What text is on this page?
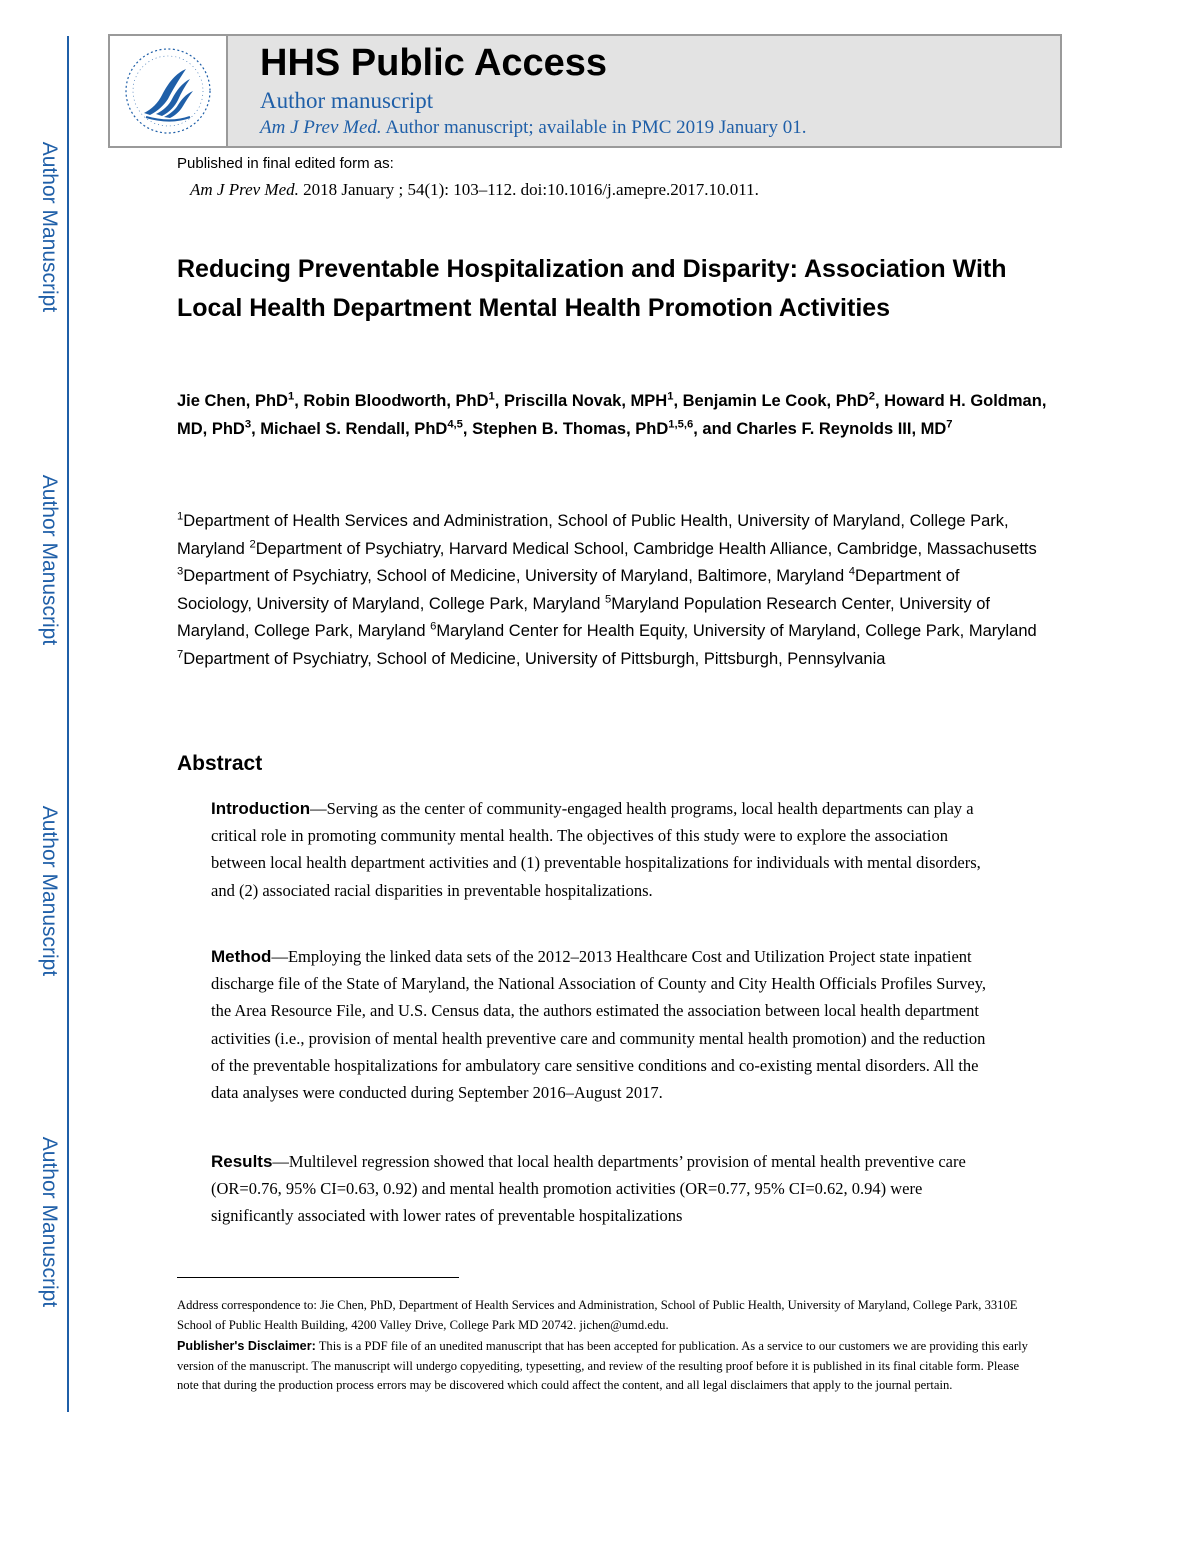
Author Manuscript
Author Manuscript
Author Manuscript
Author Manuscript
HHS Public Access
Author manuscript
Am J Prev Med. Author manuscript; available in PMC 2019 January 01.
Published in final edited form as:
Am J Prev Med. 2018 January ; 54(1): 103–112. doi:10.1016/j.amepre.2017.10.011.
Reducing Preventable Hospitalization and Disparity: Association With Local Health Department Mental Health Promotion Activities
Jie Chen, PhD$^1$, Robin Bloodworth, PhD$^1$, Priscilla Novak, MPH$^1$, Benjamin Le Cook, PhD$^2$, Howard H. Goldman, MD, PhD$^3$, Michael S. Rendall, PhD$^{4,5}$, Stephen B. Thomas, PhD$^{1,5,6}$, and Charles F. Reynolds III, $MD^7$
$^1$Department of Health Services and Administration, School of Public Health, University of Maryland, College Park, Maryland $^2$Department of Psychiatry, Harvard Medical School, Cambridge Health Alliance, Cambridge, Massachusetts $^3$Department of Psychiatry, School of Medicine, University of Maryland, Baltimore, Maryland $^4$Department of Sociology, University of Maryland, College Park, Maryland $^5$Maryland Population Research Center, University of Maryland, College Park, Maryland $^6$Maryland Center for Health Equity, University of Maryland, College Park, Maryland $^7$Department of Psychiatry, School of Medicine, University of Pittsburgh, Pittsburgh, Pennsylvania
Abstract
Introduction—Serving as the center of community-engaged health programs, local health departments can play a critical role in promoting community mental health. The objectives of this study were to explore the association between local health department activities and (1) preventable hospitalizations for individuals with mental disorders, and (2) associated racial disparities in preventable hospitalizations.
Method—Employing the linked data sets of the 2012–2013 Healthcare Cost and Utilization Project state inpatient discharge file of the State of Maryland, the National Association of County and City Health Officials Profiles Survey, the Area Resource File, and U.S. Census data, the authors estimated the association between local health department activities (i.e., provision of mental health preventive care and community mental health promotion) and the reduction of the preventable hospitalizations for ambulatory care sensitive conditions and co-existing mental disorders. All the data analyses were conducted during September 2016–August 2017.
Results—Multilevel regression showed that local health departments’ provision of mental health preventive care (OR=0.76, 95% CI=0.63, 0.92) and mental health promotion activities (OR=0.77, 95% CI=0.62, 0.94) were significantly associated with lower rates of preventable hospitalizations

Address correspondence to: Jie Chen, PhD, Department of Health Services and Administration, School of Public Health, University of Maryland, College Park, 3310E School of Public Health Building, 4200 Valley Drive, College Park MD 20742. jichen@umd.edu.

Publisher's Disclaimer: This is a PDF file of an unedited manuscript that has been accepted for publication. As a service to our customers we are providing this early version of the manuscript. The manuscript will undergo copyediting, typesetting, and review of the resulting proof before it is published in its final citable form. Please note that during the production process errors may be discovered which could affect the content, and all legal disclaimers that apply to the journal pertain.
